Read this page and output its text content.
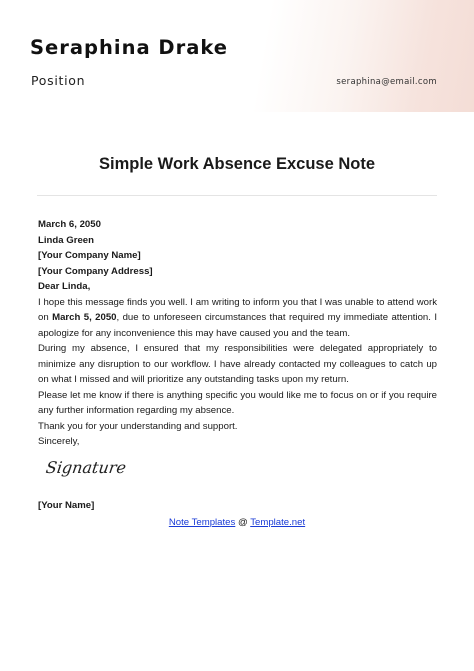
Seraphina Drake
Position	seraphina@email.com
Simple Work Absence Excuse Note
March 6, 2050
Linda Green
[Your Company Name]
[Your Company Address]
Dear Linda,
I hope this message finds you well. I am writing to inform you that I was unable to attend work on March 5, 2050, due to unforeseen circumstances that required my immediate attention. I apologize for any inconvenience this may have caused you and the team.
During my absence, I ensured that my responsibilities were delegated appropriately to minimize any disruption to our workflow. I have already contacted my colleagues to catch up on what I missed and will prioritize any outstanding tasks upon my return.
Please let me know if there is anything specific you would like me to focus on or if you require any further information regarding my absence.
Thank you for your understanding and support.
Sincerely,
Signature
[Your Name]
Note Templates @ Template.net
